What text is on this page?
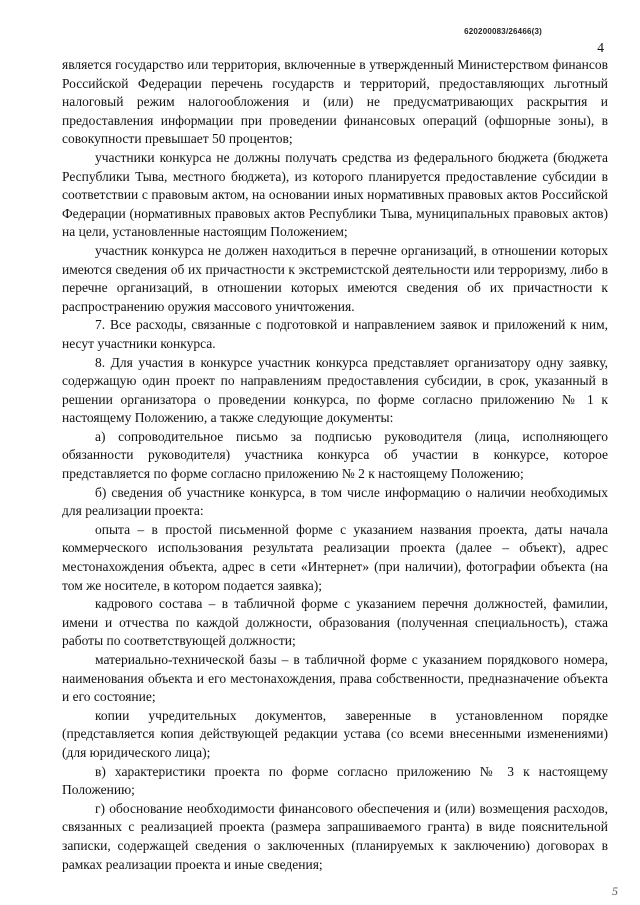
620200083/26466(3)
4

является государство или территория, включенные в утвержденный Министерством финансов Российской Федерации перечень государств и территорий, предоставляющих льготный налоговый режим налогообложения и (или) не предусматривающих раскрытия и предоставления информации при проведении финансовых операций (офшорные зоны), в совокупности превышает 50 процентов;

участники конкурса не должны получать средства из федерального бюджета (бюджета Республики Тыва, местного бюджета), из которого планируется предоставление субсидии в соответствии с правовым актом, на основании иных нормативных правовых актов Российской Федерации (нормативных правовых актов Республики Тыва, муниципальных правовых актов) на цели, установленные настоящим Положением;

участник конкурса не должен находиться в перечне организаций, в отношении которых имеются сведения об их причастности к экстремистской деятельности или терроризму, либо в перечне организаций, в отношении которых имеются сведения об их причастности к распространению оружия массового уничтожения.

7. Все расходы, связанные с подготовкой и направлением заявок и приложений к ним, несут участники конкурса.

8. Для участия в конкурсе участник конкурса представляет организатору одну заявку, содержащую один проект по направлениям предоставления субсидии, в срок, указанный в решении организатора о проведении конкурса, по форме согласно приложению № 1 к настоящему Положению, а также следующие документы:

а) сопроводительное письмо за подписью руководителя (лица, исполняющего обязанности руководителя) участника конкурса об участии в конкурсе, которое представляется по форме согласно приложению № 2 к настоящему Положению;

б) сведения об участнике конкурса, в том числе информацию о наличии необходимых для реализации проекта:

опыта – в простой письменной форме с указанием названия проекта, даты начала коммерческого использования результата реализации проекта (далее – объект), адрес местонахождения объекта, адрес в сети «Интернет» (при наличии), фотографии объекта (на том же носителе, в котором подается заявка);

кадрового состава – в табличной форме с указанием перечня должностей, фамилии, имени и отчества по каждой должности, образования (полученная специальность), стажа работы по соответствующей должности;

материально-технической базы – в табличной форме с указанием порядкового номера, наименования объекта и его местонахождения, права собственности, предназначение объекта и его состояние;

копии учредительных документов, заверенные в установленном порядке (представляется копия действующей редакции устава (со всеми внесенными изменениями) (для юридического лица);

в) характеристики проекта по форме согласно приложению № 3 к настоящему Положению;

г) обоснование необходимости финансового обеспечения и (или) возмещения расходов, связанных с реализацией проекта (размера запрашиваемого гранта) в виде пояснительной записки, содержащей сведения о заключенных (планируемых к заключению) договорах в рамках реализации проекта и иные сведения;

5
